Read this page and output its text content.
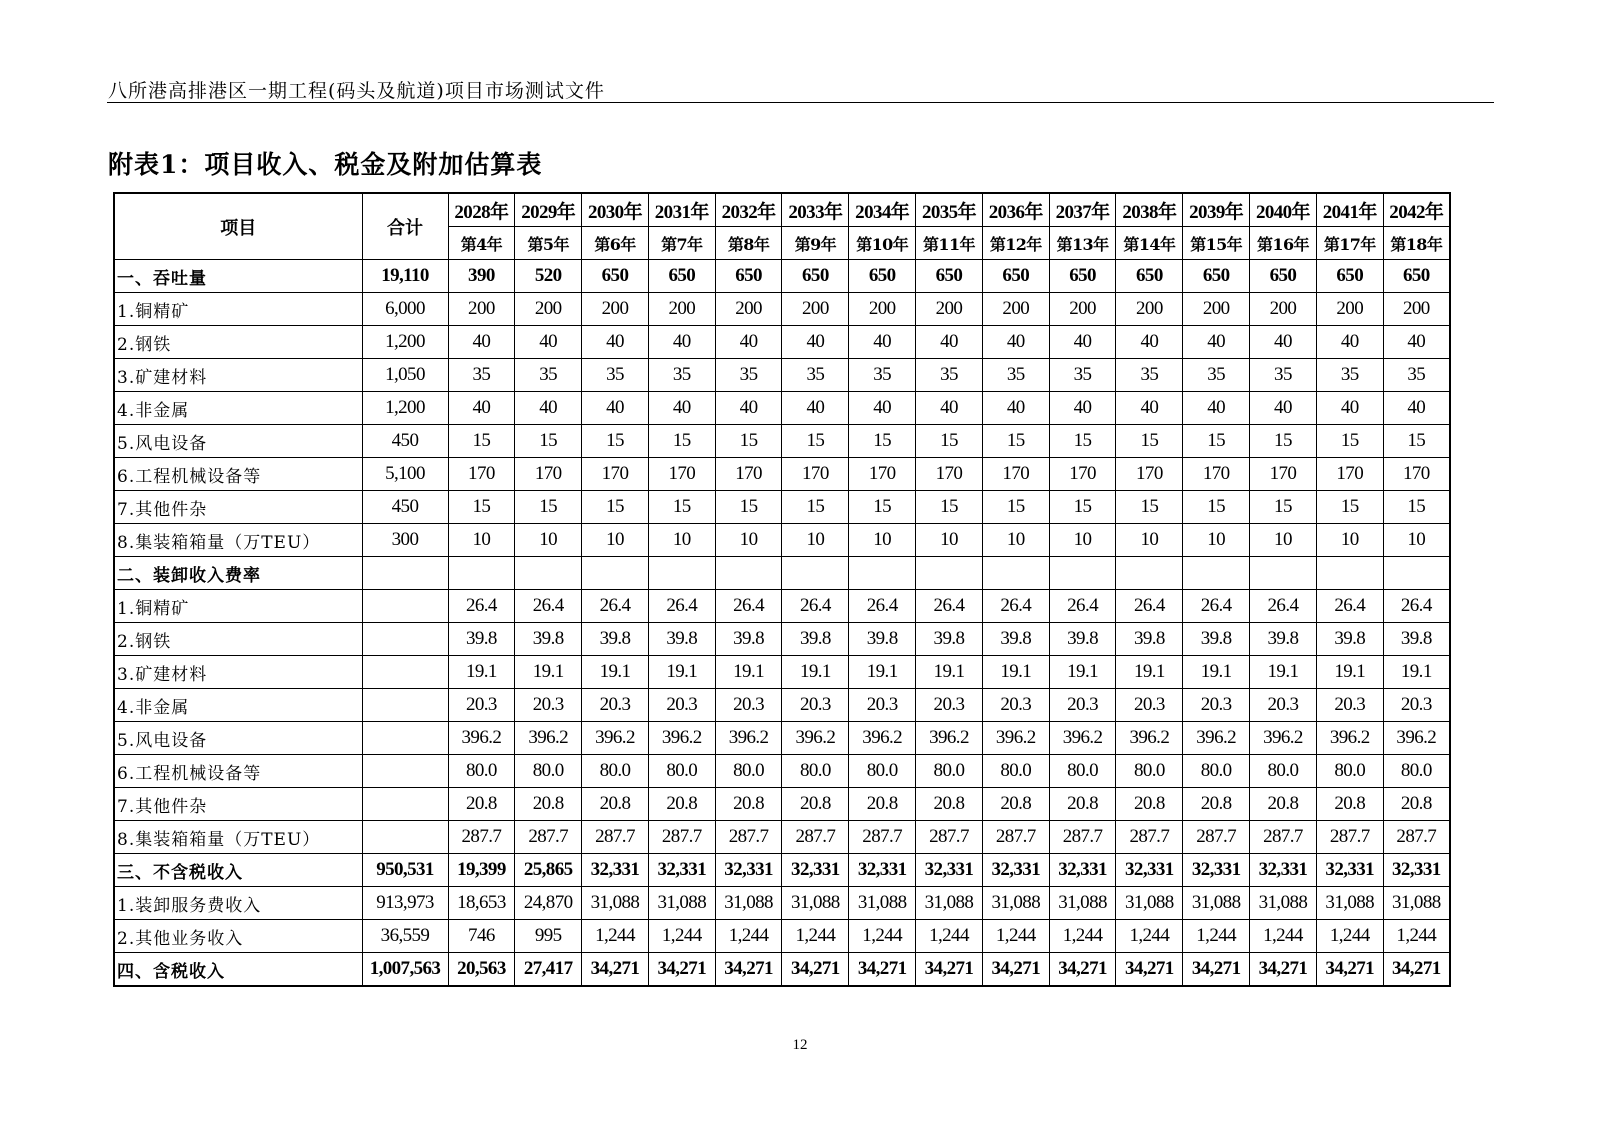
八所港高排港区一期工程(码头及航道)项目市场测试文件
附表1：项目收入、税金及附加估算表
项目	合计	2028年	2029年	2030年	2031年	2032年	2033年	2034年	2035年	2036年	2037年	2038年	2039年	2040年	2041年	2042年
		第4年	第5年	第6年	第7年	第8年	第9年	第10年	第11年	第12年	第13年	第14年	第15年	第16年	第17年	第18年
一、吞吐量	19,110	390	520	650	650	650	650	650	650	650	650	650	650	650	650	650
1.铜精矿	6,000	200	200	200	200	200	200	200	200	200	200	200	200	200	200	200
2.钢铁	1,200	40	40	40	40	40	40	40	40	40	40	40	40	40	40	40
3.矿建材料	1,050	35	35	35	35	35	35	35	35	35	35	35	35	35	35	35
4.非金属	1,200	40	40	40	40	40	40	40	40	40	40	40	40	40	40	40
5.风电设备	450	15	15	15	15	15	15	15	15	15	15	15	15	15	15	15
6.工程机械设备等	5,100	170	170	170	170	170	170	170	170	170	170	170	170	170	170	170
7.其他件杂	450	15	15	15	15	15	15	15	15	15	15	15	15	15	15	15
8.集装箱箱量（万TEU）	300	10	10	10	10	10	10	10	10	10	10	10	10	10	10	10
二、装卸收入费率																
1.铜精矿		26.4	26.4	26.4	26.4	26.4	26.4	26.4	26.4	26.4	26.4	26.4	26.4	26.4	26.4	26.4
2.钢铁		39.8	39.8	39.8	39.8	39.8	39.8	39.8	39.8	39.8	39.8	39.8	39.8	39.8	39.8	39.8
3.矿建材料		19.1	19.1	19.1	19.1	19.1	19.1	19.1	19.1	19.1	19.1	19.1	19.1	19.1	19.1	19.1
4.非金属		20.3	20.3	20.3	20.3	20.3	20.3	20.3	20.3	20.3	20.3	20.3	20.3	20.3	20.3	20.3
5.风电设备		396.2	396.2	396.2	396.2	396.2	396.2	396.2	396.2	396.2	396.2	396.2	396.2	396.2	396.2	396.2
6.工程机械设备等		80.0	80.0	80.0	80.0	80.0	80.0	80.0	80.0	80.0	80.0	80.0	80.0	80.0	80.0	80.0
7.其他件杂		20.8	20.8	20.8	20.8	20.8	20.8	20.8	20.8	20.8	20.8	20.8	20.8	20.8	20.8	20.8
8.集装箱箱量（万TEU）		287.7	287.7	287.7	287.7	287.7	287.7	287.7	287.7	287.7	287.7	287.7	287.7	287.7	287.7	287.7
三、不含税收入	950,531	19,399	25,865	32,331	32,331	32,331	32,331	32,331	32,331	32,331	32,331	32,331	32,331	32,331	32,331	32,331
1.装卸服务费收入	913,973	18,653	24,870	31,088	31,088	31,088	31,088	31,088	31,088	31,088	31,088	31,088	31,088	31,088	31,088	31,088
2.其他业务收入	36,559	746	995	1,244	1,244	1,244	1,244	1,244	1,244	1,244	1,244	1,244	1,244	1,244	1,244	1,244
四、含税收入	1,007,563	20,563	27,417	34,271	34,271	34,271	34,271	34,271	34,271	34,271	34,271	34,271	34,271	34,271	34,271	34,271
12
